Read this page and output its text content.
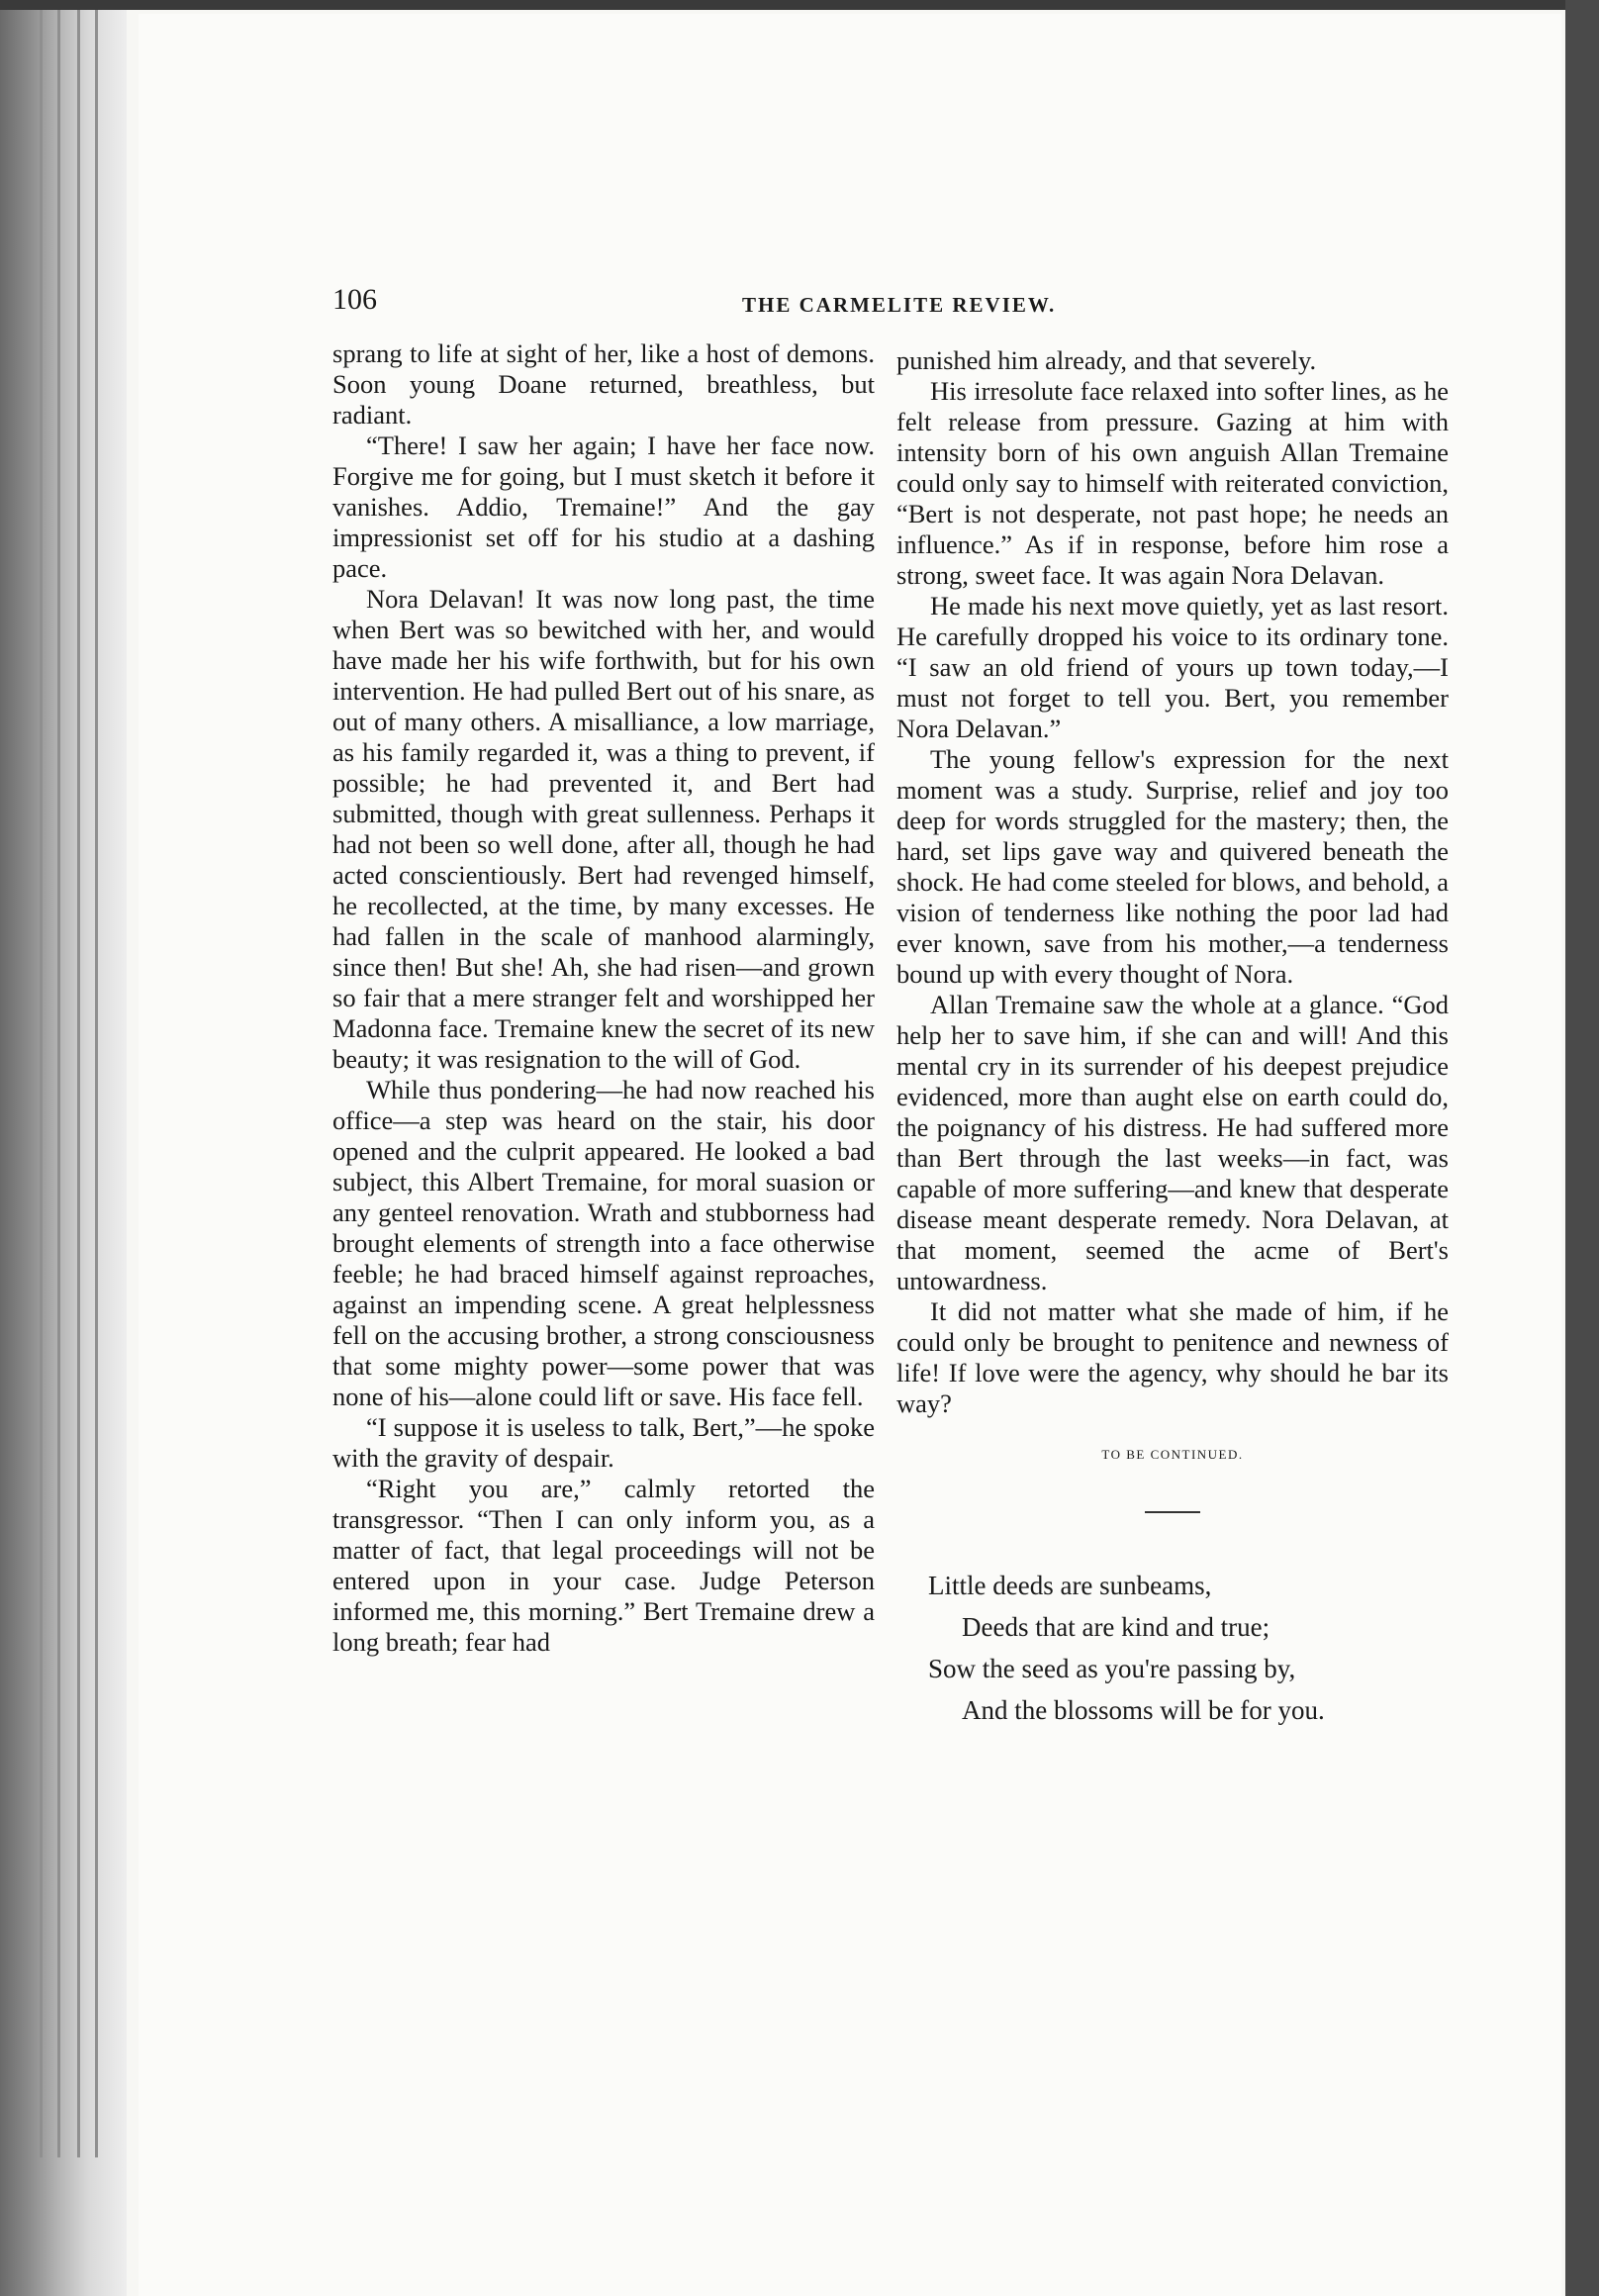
106	THE CARMELITE REVIEW.

sprang to life at sight of her, like a host of demons. Soon young Doane returned, breathless, but radiant.

“There! I saw her again; I have her face now. Forgive me for going, but I must sketch it before it vanishes. Addio, Tremaine!” And the gay impressionist set off for his studio at a dashing pace.

Nora Delavan! It was now long past, the time when Bert was so bewitched with her, and would have made her his wife forthwith, but for his own intervention. He had pulled Bert out of his snare, as out of many others. A misalliance, a low marriage, as his family regarded it, was a thing to prevent, if possible; he had prevented it, and Bert had submitted, though with great sullenness. Perhaps it had not been so well done, after all, though he had acted conscientiously. Bert had revenged himself, he recollected, at the time, by many excesses. He had fallen in the scale of manhood alarmingly, since then! But she! Ah, she had risen—and grown so fair that a mere stranger felt and worshipped her Madonna face. Tremaine knew the secret of its new beauty; it was resignation to the will of God.

While thus pondering—he had now reached his office—a step was heard on the stair, his door opened and the culprit appeared. He looked a bad subject, this Albert Tremaine, for moral suasion or any genteel renovation. Wrath and stubborness had brought elements of strength into a face otherwise feeble; he had braced himself against reproaches, against an impending scene. A great helplessness fell on the accusing brother, a strong consciousness that some mighty power—some power that was none of his—alone could lift or save. His face fell.

“I suppose it is useless to talk, Bert,”—he spoke with the gravity of despair.

“Right you are,” calmly retorted the transgressor. “Then I can only inform you, as a matter of fact, that legal proceedings will not be entered upon in your case. Judge Peterson informed me, this morning.” Bert Tremaine drew a long breath; fear had

punished him already, and that severely.

His irresolute face relaxed into softer lines, as he felt release from pressure. Gazing at him with intensity born of his own anguish Allan Tremaine could only say to himself with reiterated conviction, “Bert is not desperate, not past hope; he needs an influence.” As if in response, before him rose a strong, sweet face. It was again Nora Delavan.

He made his next move quietly, yet as last resort. He carefully dropped his voice to its ordinary tone. “I saw an old friend of yours up town today,—I must not forget to tell you. Bert, you remember Nora Delavan.”

The young fellow's expression for the next moment was a study. Surprise, relief and joy too deep for words struggled for the mastery; then, the hard, set lips gave way and quivered beneath the shock. He had come steeled for blows, and behold, a vision of tenderness like nothing the poor lad had ever known, save from his mother,—a tenderness bound up with every thought of Nora.

Allan Tremaine saw the whole at a glance. “God help her to save him, if she can and will! And this mental cry in its surrender of his deepest prejudice evidenced, more than aught else on earth could do, the poignancy of his distress. He had suffered more than Bert through the last weeks—in fact, was capable of more suffering—and knew that desperate disease meant desperate remedy. Nora Delavan, at that moment, seemed the acme of Bert's untowardness.

It did not matter what she made of him, if he could only be brought to penitence and newness of life! If love were the agency, why should he bar its way?

TO BE CONTINUED.
Little deeds are sunbeams,
Deeds that are kind and true;
Sow the seed as you're passing by,
And the blossoms will be for you.
